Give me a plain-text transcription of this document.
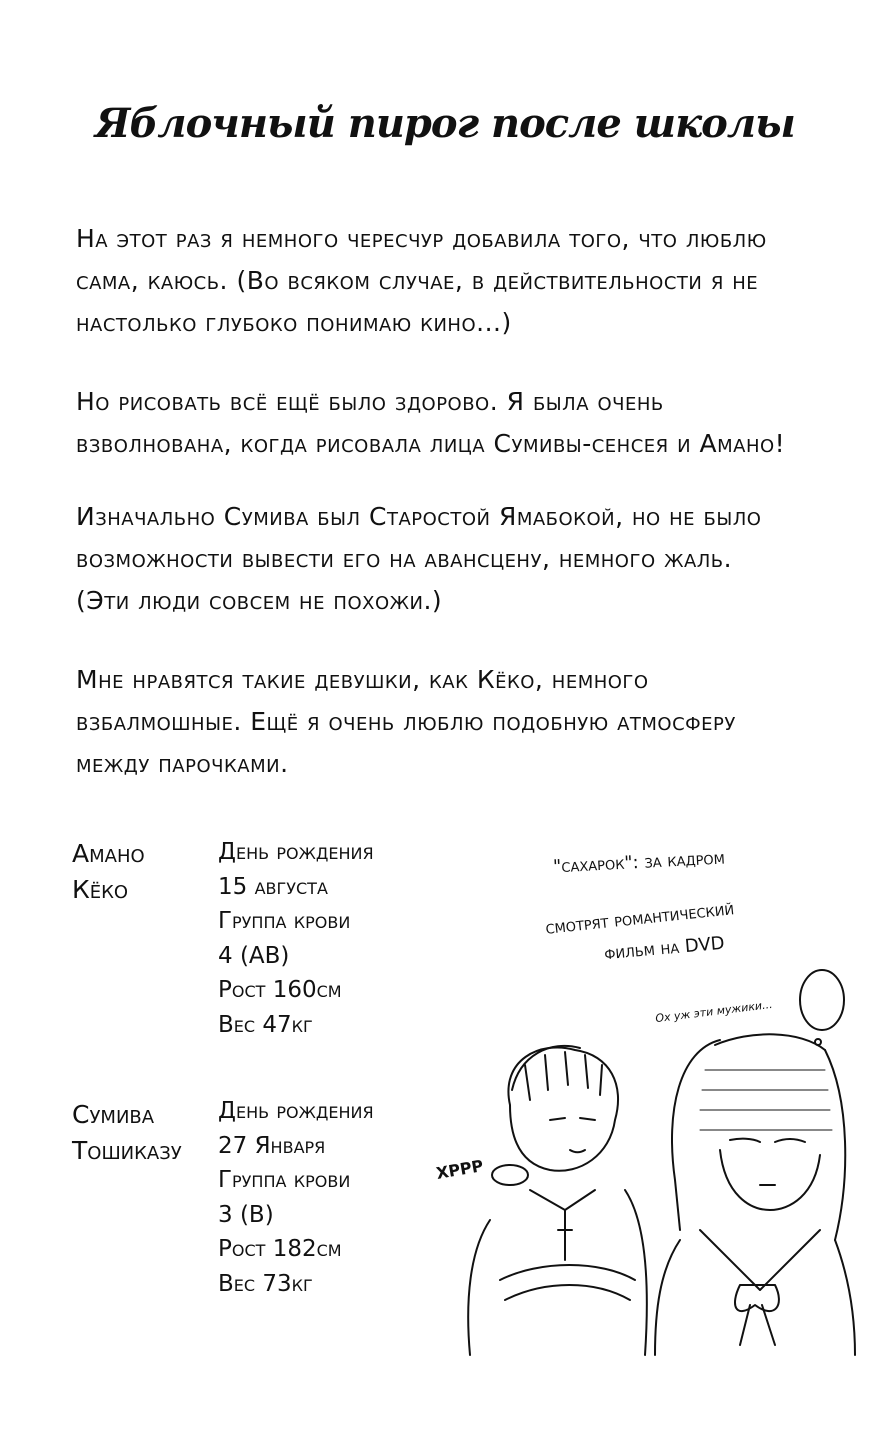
Яблочный пирог после школы
На этот раз я немного чересчур добавила того, что люблю
сама, каюсь. (Во всяком случае, в действительности я не
настолько глубоко понимаю кино...)
Но рисовать всё ещё было здорово. Я была очень
взволнована, когда рисовала лица Сумивы-сенсея и Амано!
Изначально Сумива был Старостой Ямабокой, но не было
возможности вывести его на авансцену, немного жаль.
(Эти люди совсем не похожи.)
Мне нравятся такие девушки, как Кёко, немного
взбалмошные. Ещё я очень люблю подобную атмосферу
между парочками.
Амано
Кёко
День рождения
15 августа
Группа крови
4 (AB)
Рост 160см
Вес 47кг
Сумива
Тошиказу
День рождения
27 Января
Группа крови
3 (B)
Рост 182см
Вес 73кг
"сахарок": за кадром
смотрят романтический
фильм на DVD
Ох уж эти мужики...
ХРРР
